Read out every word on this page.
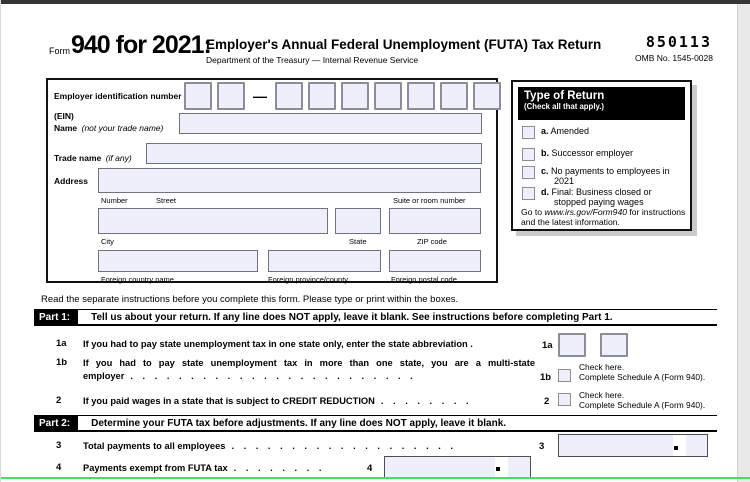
Form 940 for 2021:
Employer's Annual Federal Unemployment (FUTA) Tax Return
Department of the Treasury — Internal Revenue Service
850113
OMB No. 1545-0028
Employer identification number
(EIN)
—
Name (not your trade name)
Trade name (if any)
Address
Number	Street	Suite or room number
City	State	ZIP code
Foreign country name	Foreign province/county	Foreign postal code
Type of Return
(Check all that apply.)
a. Amended
b. Successor employer
c. No payments to employees in 2021
d. Final: Business closed or stopped paying wages
Go to www.irs.gov/Form940 for instructions and the latest information.
Read the separate instructions before you complete this form. Please type or print within the boxes.
Part 1:	Tell us about your return. If any line does NOT apply, leave it blank. See instructions before completing Part 1.
1a If you had to pay state unemployment tax in one state only, enter the state abbreviation .	1a
1b If you had to pay state unemployment tax in more than one state, you are a multi-state
employer . . . . . . . . . . . . . . . . . . . . . . . .	1b
Check here.
Complete Schedule A (Form 940).
2 If you paid wages in a state that is subject to CREDIT REDUCTION . . . . . . . .	2
Check here.
Complete Schedule A (Form 940).
Part 2:	Determine your FUTA tax before adjustments. If any line does NOT apply, leave it blank.
3 Total payments to all employees . . . . . . . . . . . . . . . . . . .	3
4 Payments exempt from FUTA tax . . . . . . . .	4
